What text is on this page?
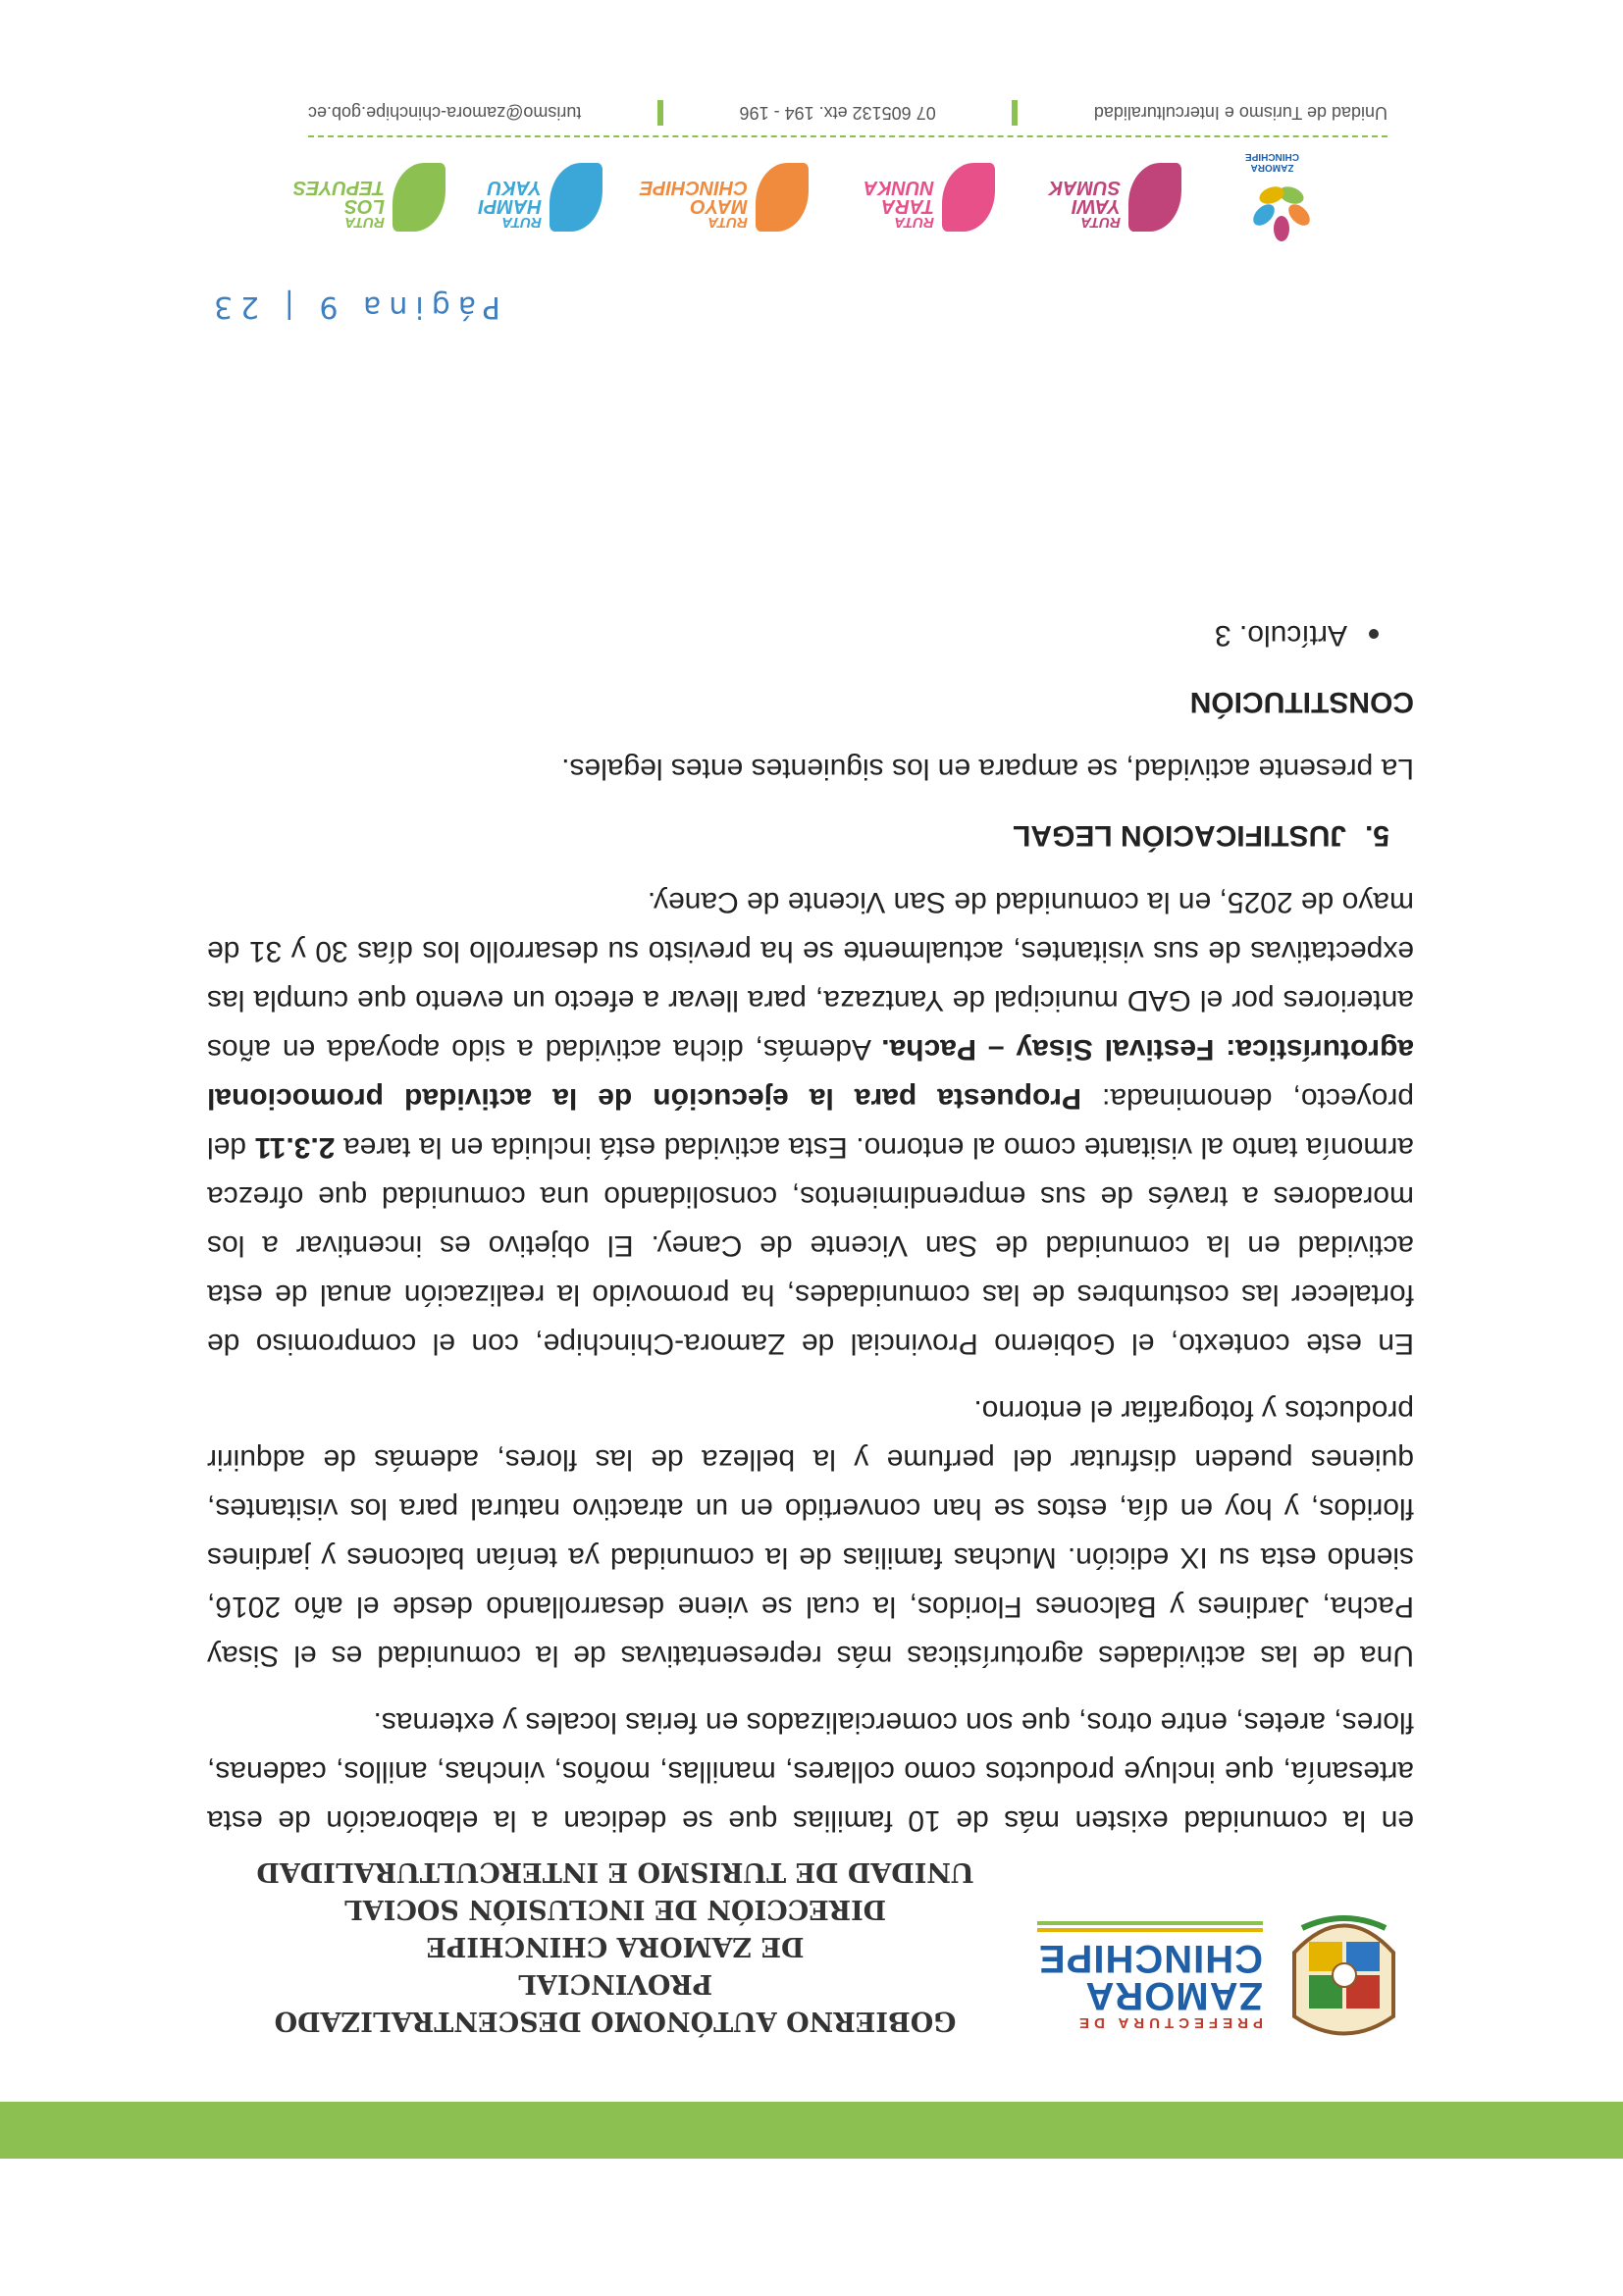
PREFECTURA DE
ZAMORA
CHINCHIPE
GOBIERNO AUTÓNOMO DESCENTRALIZADO PROVINCIAL
DE ZAMORA CHINCHIPE
DIRECCIÓN DE INCLUSIÓN SOCIAL
UNIDAD DE TURISMO E INTERCULTURALIDAD

en la comunidad existen más de 10 familias que se dedican a la elaboración de esta artesanía, que incluye productos como collares, manillas, moños, vinchas, anillos, cadenas, flores, aretes, entre otros, que son comercializados en ferias locales y externas.

Una de las actividades agroturísticas más representativas de la comunidad es el Sisay Pacha, Jardines y Balcones Floridos, la cual se viene desarrollando desde el año 2016, siendo esta su IX edición. Muchas familias de la comunidad ya tenían balcones y jardines floridos, y hoy en día, estos se han convertido en un atractivo natural para los visitantes, quienes pueden disfrutar del perfume y la belleza de las flores, además de adquirir productos y fotografiar el entorno.

En este contexto, el Gobierno Provincial de Zamora-Chinchipe, con el compromiso de fortalecer las costumbres de las comunidades, ha promovido la realización anual de esta actividad en la comunidad de San Vicente de Caney. El objetivo es incentivar a los moradores a través de sus emprendimientos, consolidando una comunidad que ofrezca armonía tanto al visitante como al entorno. Esta actividad está incluida en la tarea 2.3.11 del proyecto, denominada: Propuesta para la ejecución de la actividad promocional agroturística: Festival Sisay – Pacha. Además, dicha actividad a sido apoyada en años anteriores por el GAD municipal de Yantzaza, para llevar a efecto un evento que cumpla las expectativas de sus visitantes, actualmente se ha previsto su desarrollo los días 30 y 31 de mayo de 2025, en la comunidad de San Vicente de Caney.

5.JUSTIFICACIÓN LEGAL

La presente actividad, se ampara en los siguientes entes legales.

CONSTITUCIÓN
Artículo. 3
Página 9 | 23
ZAMORA CHINCHIPE
RUTA
YAWI SUMAK
RUTA
TARA NUNKA
RUTA
MAYO CHINCHIPE
RUTA
HAMPI YAKU
RUTA
LOS TEPUYES
Unidad de Turismo e Interculturalidad
07 605132 etx. 194 - 196
turismo@zamora-chinchipe.gob.ec
